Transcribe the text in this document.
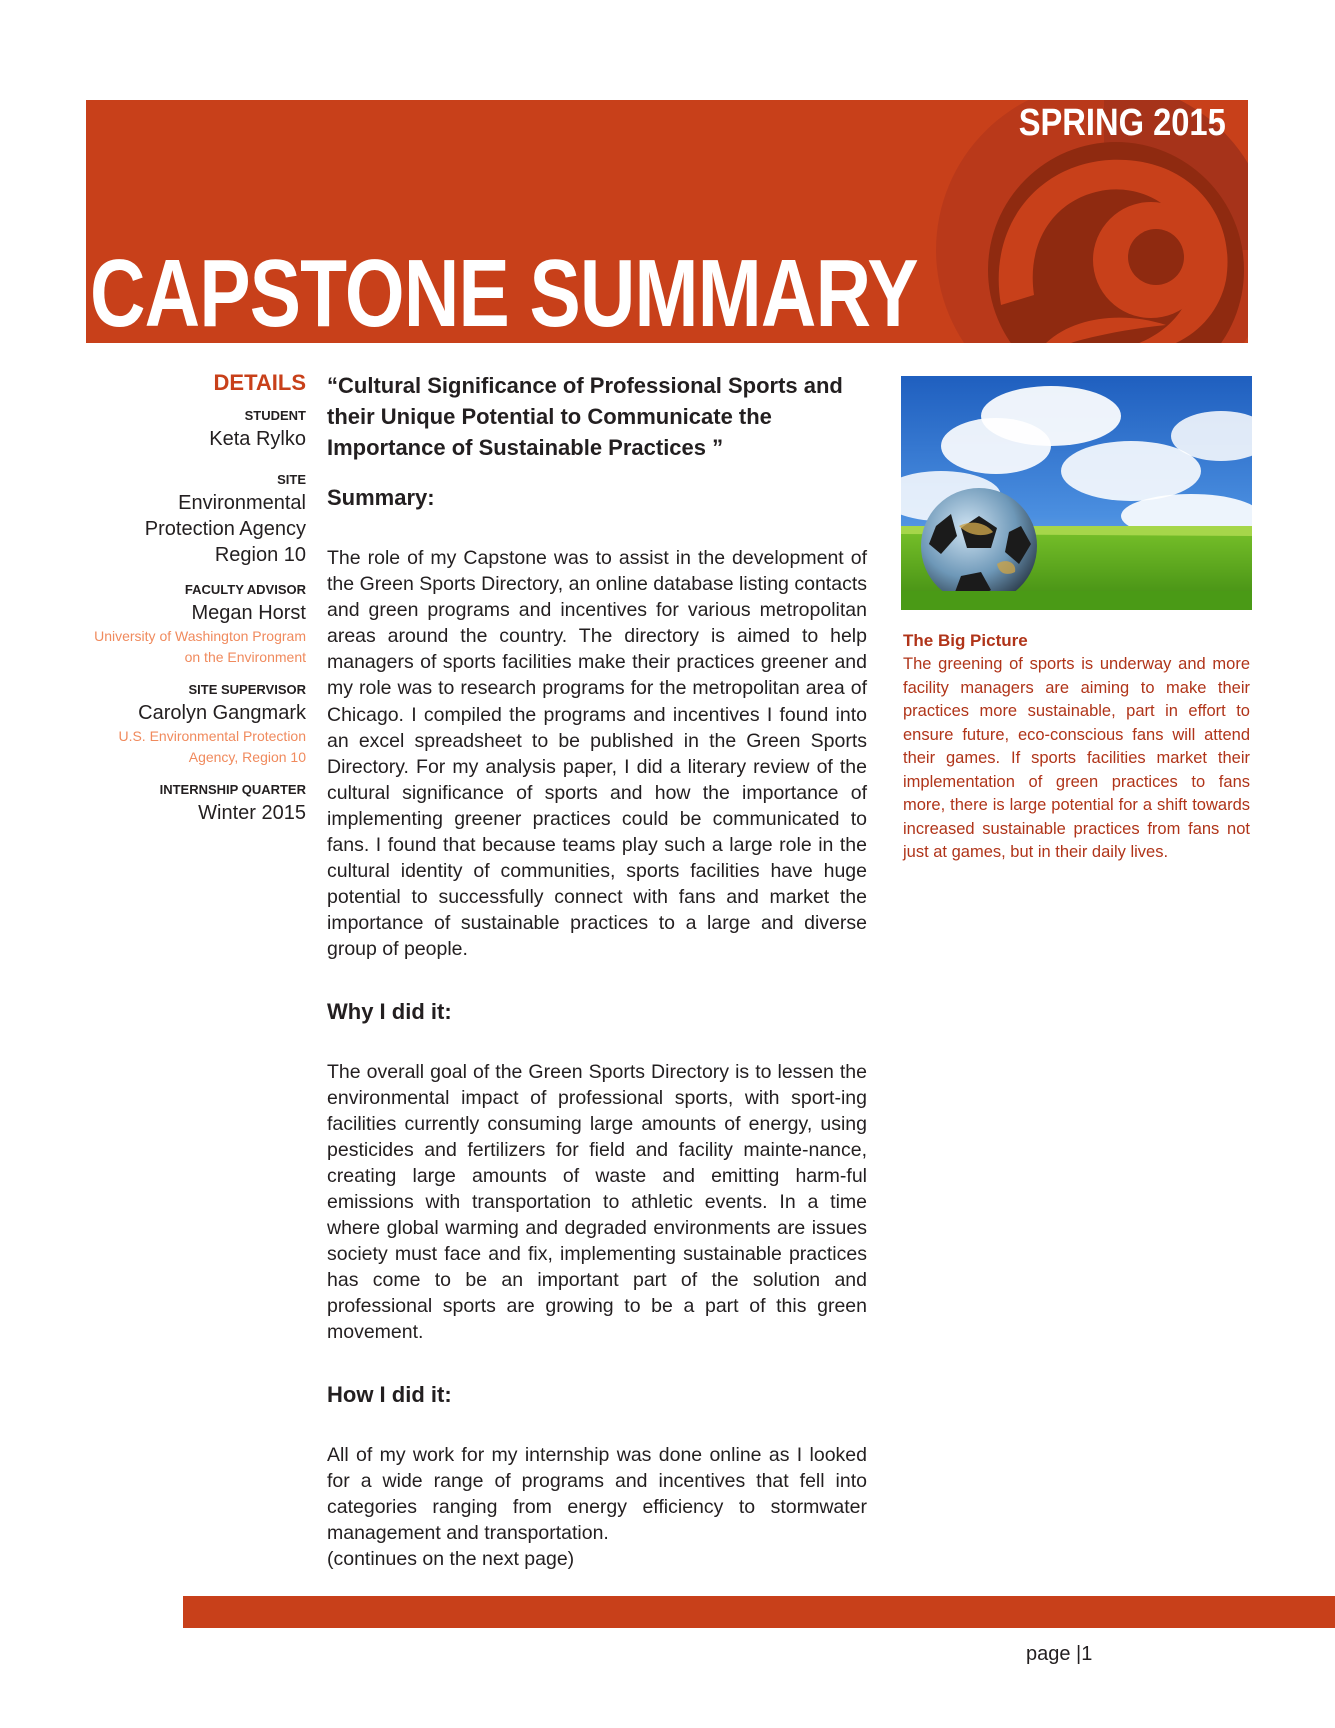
SPRING 2015
CAPSTONE SUMMARY
DETAILS
STUDENT
Keta Rylko
SITE
Environmental Protection Agency Region 10
FACULTY ADVISOR
Megan Horst
University of Washington Program on the Environment
SITE SUPERVISOR
Carolyn Gangmark
U.S. Environmental Protection Agency, Region 10
INTERNSHIP QUARTER
Winter 2015

“Cultural Significance of Professional Sports and their Unique Potential to Communicate the Importance of Sustainable Practices ”

Summary:

The role of my Capstone was to assist in the development of the Green Sports Directory, an online database listing contacts and green programs and incentives for various metropolitan areas around the country. The directory is aimed to help managers of sports facilities make their practices greener and my role was to research programs for the metropolitan area of Chicago. I compiled the programs and incentives I found into an excel spreadsheet to be published in the Green Sports Directory. For my analysis paper, I did a literary review of the cultural significance of sports and how the importance of implementing greener practices could be communicated to fans. I found that because teams play such a large role in the cultural identity of communities, sports facilities have huge potential to successfully connect with fans and market the importance of sustainable practices to a large and diverse group of people.

Why I did it:

The overall goal of the Green Sports Directory is to lessen the environmental impact of professional sports, with sport-ing facilities currently consuming large amounts of energy, using pesticides and fertilizers for field and facility mainte-nance, creating large amounts of waste and emitting harm-ful emissions with transportation to athletic events. In a time where global warming and degraded environments are issues society must face and fix, implementing sustainable practices has come to be an important part of the solution and professional sports are growing to be a part of this green movement.

How I did it:

All of my work for my internship was done online as I looked for a wide range of programs and incentives that fell into categories ranging from energy efficiency to stormwater management and transportation.

(continues on the next page)

The Big Picture

The greening of sports is underway and more facility managers are aiming to make their practices more sustainable, part in effort to ensure future, eco-conscious fans will attend their games. If sports facilities market their implementation of green practices to fans more, there is large potential for a shift towards increased sustainable practices from fans not just at games, but in their daily lives.

page |1
